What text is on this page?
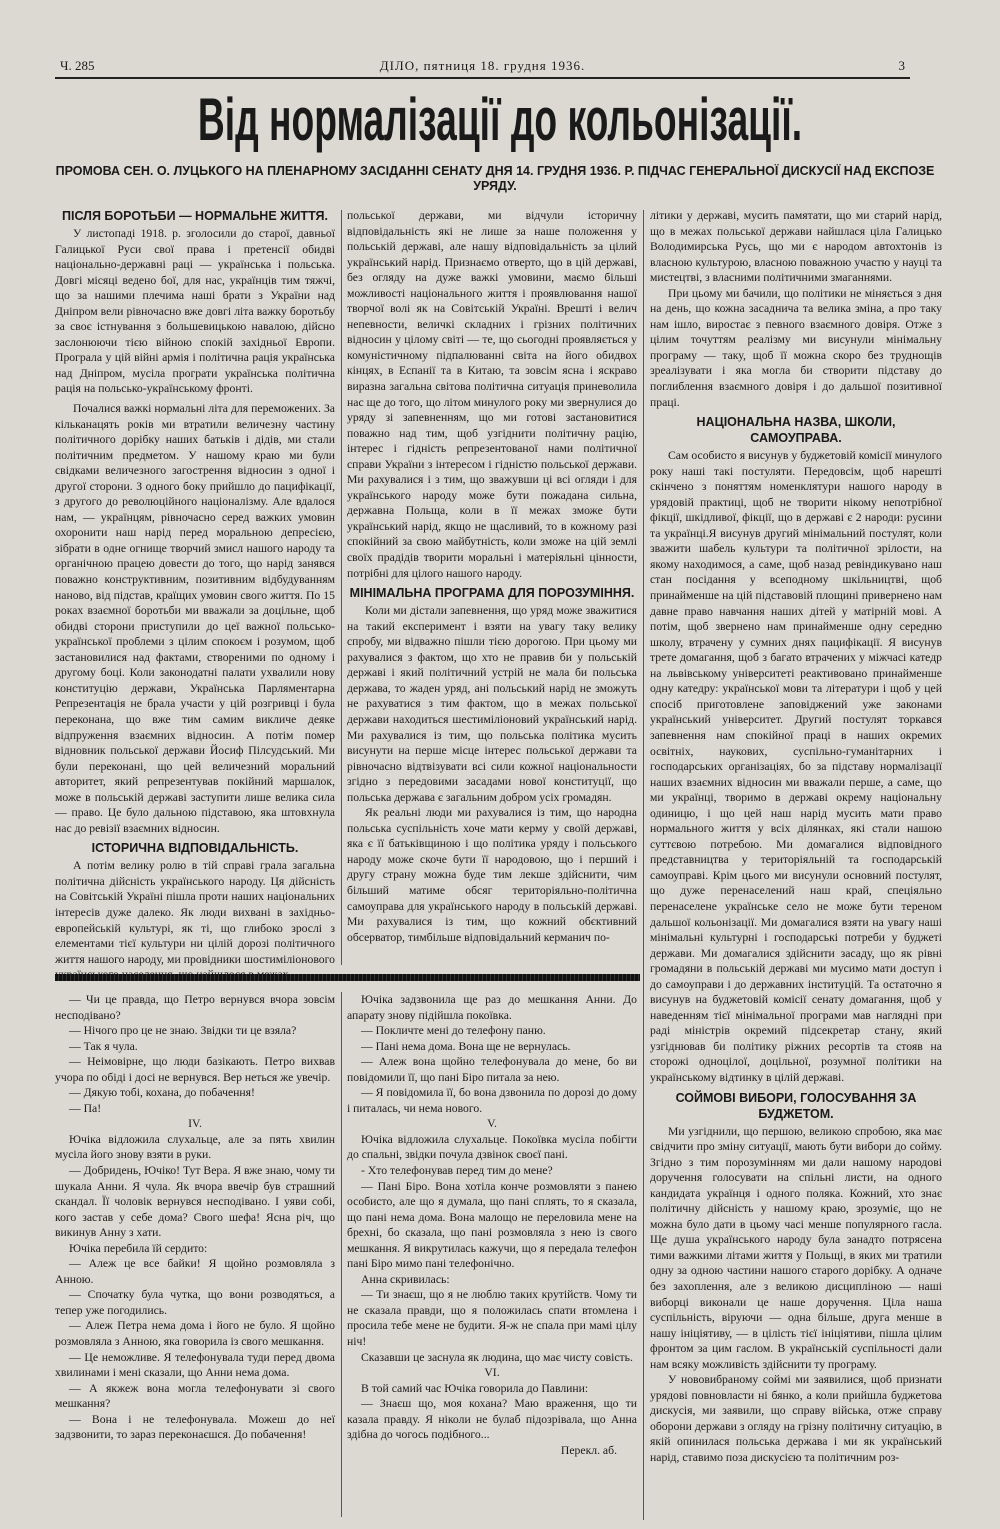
Ч. 285	ДІЛО, пятниця 18. грудня 1936.	3
Від нормалізації до кольонізації.
ПРОМОВА СЕН. О. ЛУЦЬКОГО НА ПЛЕНАРНОМУ ЗАСІДАННІ СЕНАТУ ДНЯ 14. ГРУДНЯ 1936. Р. ПІДЧАС ГЕНЕРАЛЬНОЇ ДИСКУСІЇ НАД ЕКСПОЗЕ УРЯДУ.
ПІСЛЯ БОРОТЬБИ — НОРМАЛЬНЕ ЖИТТЯ.

У листопаді 1918. р. зголосили до старої, давньої Галицької Руси свої права і претенсії обидві національно-державні раці — українська і польська. Довгі місяці ведено бої, для нас, українців тим тяжчі, що за нашими плечима наші брати з України над Дніпром вели рівночасно вже довгі літа важку боротьбу за своє істнування з большевицькою навалою, дійсно заслонюючи тією війною спокій західньої Европи. Програла у цій війні армія і політична рація українська над Дніпром, мусіла програти українська політична рація на польсько-українському фронті.

Почалися важкі нормальні літа для переможених. За кільканацять років ми втратили величезну частину політичного дорібку наших батьків і дідів, ми стали політичним предметом. У нашому краю ми були свідками величезного загострення відносин з одної і другої сторони. З одного боку прийшло до пацифікації, з другого до революційного націоналізму. Але вдалося нам, — українцям, рівночасно серед важких умовин охоронити наш нарід перед моральною депресією, зібрати в одне огнище творчий змисл нашого народу та органічною працею довести до того, що нарід занявся поважно конструктивним, позитивним відбудуванням наново, від підстав, країщих умовин свого життя. По 15 роках взаємної боротьби ми вважали за доцільне, щоб обидві сторони приступили до цеї важної польсько-української проблеми з цілим спокоєм і розумом, щоб застановилися над фактами, створеними по одному і другому боці. Коли законодатні палати ухвалили нову конституцію держави, Українська Парляментарна Репрезентація не брала участи у цій розгривці і була переконана, що вже тим самим викличе деяке відпруження взаємних відносин. А потім помер відновник польської держави Йосиф Пілсудський. Ми були переконані, що цей величезний моральний авторитет, який репрезентував покійний маршалок, може в польській державі заступити лише велика сила — право. Це було дальною підставою, яка штовхнула нас до ревізії взаємних відносин.

ІСТОРИЧНА ВІДПОВІДАЛЬНІСТЬ.

А потім велику ролю в тій справі грала загальна політична дійсність українського народу. Ця дійсність на Совітській Україні пішла проти наших національних інтересів дуже далеко. Як люди вихвані в західньо-европейській культурі, як ті, що глибоко зрослі з елементами тієї культури ни цілій дорозі політичного життя нашого народу, ми провідники шостиміліонового

польської держави, ми відчули історичну відповідальність які не лише за наше положення у польській державі, але нашу відповідальність за цілий український нарід. Признаємо отверто, що в цій державі, без огляду на дуже важкі умовини, маємо більші можливості національного життя і проявлювання нашої творчої волі як на Совітській Україні. Врешті і велич непевности, величкі складних і грізних політичних відносин у цілому світі — те, що сьогодні проявляється у комуністичному підпалюванні світа на його обидвох кінцях, в Еспанії та в Китаю, та зовсім ясна і яскраво виразна загальна світова політична ситуація приневолила нас ще до того, що літом минулого року ми звернулися до уряду зі запевненням, що ми готові застановитися поважно над тим, щоб узгіднити політичну рацію, інтерес і гідність репрезентованої нами політичної справи України з інтересом і гідністю польської держави. Ми рахувалися і з тим, що зважувши ці всі огляди і для українського народу може бути пожадана сильна, державна Польща, коли в її межах зможе бути український нарід, якщо не щасливий, то в кожному разі спокійний за свою майбутність, коли зможе на цій землі своїх прадідів творити моральні і матеріяльні цінности, потрібні для цілого нашого народу.

МІНІМАЛЬНА ПРОГРАМА ДЛЯ ПОРОЗУМІННЯ.

Коли ми дістали запевнення, що уряд може зважитися на такий експеримент і взяти на увагу таку велику спробу, ми відважно пішли тією дорогою. При цьому ми рахувалися з фактом, що хто не правив би у польській державі і який політичний устрій не мала би польська держава, то жаден уряд, ані польський нарід не зможуть не рахуватися з тим фактом, що в межах польської держави находиться шестиміліоновий український нарід. Ми рахувалися із тим, що польська політика мусить висунути на перше місце інтерес польської держави та рівночасно відтвізувати всі сили кожної національности згідно з передовими засадами нової конституції, що польська держава є загальним добром усіх громадян.

Як реальні люди ми рахувалися із тим, що народна польська суспільність хоче мати керму у своїй державі, яка є її батьківщиною і що політика уряду і польського народу може скоче бути її народовою, що і перший і другу страну можна буде тим лекше здійснити, чим більший матиме обсяг територіяльно-політична самоуправа для українського народу в польській державі. Ми рахувалися із тим, що кожний обєктивний обсерватор, тимбільше відповідальний керманич по-

літики у державі, мусить памятати, що ми старий нарід, що в межах польської держави найшлася ціла Галицько Володимирська Русь, що ми є народом автохтонів із власною культурою, власною поважною участю у науці та мистецтві, з власними політичними змаганнями.

При цьому ми бачили, що політики не міняється з дня на день, що кожна засаднича та велика зміна, а про таку нам ішло, виростає з певного взаємного довіря. Отже з цілим точуттям реалізму ми висунули мінімальну програму — таку, щоб її можна скоро без труднощів зреалізувати і яка могла би створити підставу до поглиблення взаємного довіря і до дальшої позитивної праці.

НАЦІОНАЛЬНА НАЗВА, ШКОЛИ, САМОУПРАВА.

Сам особисто я висунув у буджетовій комісії минулого року наші такі постуляти. Передовсім, щоб нарешті скінчено з поняттям номенклятури нашого народу в урядовій практиці, щоб не творити нікому непотрібної фікції, шкідливої, фікції, що в державі є 2 народи: русини та українці.Я висунув другий мінімальний постулят, коли зважити шабель культури та політичної зрілости, на якому находимося, а саме, щоб назад ревіндикувано наш стан посідання у всеподному шкільництві, щоб принайменше на цій підставовій площині привернено нам давне право навчання наших дітей у матірній мові. А потім, щоб звернено нам принайменше одну середню школу, втрачену у сумних днях пацифікації. Я висунув трете домагання, щоб з багато втрачених у міжчасі катедр на львівському університеті реактивовано принайменше одну катедру: української мови та літератури і щоб у цей спосіб приготовлене заповіджений уже законами український університет. Другий постулят торкався запевнення нам спокійної праці в наших окремих освітніх, наукових, суспільно-гуманітарних і господарських організаціях, бо за підставу нормалізації наших взаємних відносин ми вважали перше, а саме, що ми українці, творимо в державі окрему національну одиницю, і що цей наш нарід мусить мати право нормального життя у всіх ділянках, які стали нашою суттєвою потребою. Ми домагалися відповідного представництва у територіяльній та господарській самоуправі. Крім цього ми висунули основний постулят, що дуже перенаселений наш край, спеціяльно перенаселене українське село не може бути тереном дальшої кольонізації. Ми домагалися взяти на увагу наші мінімальні культурні і господарські потреби у буджеті держави. Ми домагалися здійснити засаду, що як рівні громадяни в польській державі ми мусимо мати доступ і до самоуправи і до державних інституцій. Та остаточно я висунув на буджетовій комісії сенату домагання, щоб у наведенням тієї мінімальної програми мав наглядні при раді міністрів окремий підсекретар стану, який узгіднював би політику ріжних ресортів та стояв на сторожі одноцілої, доцільної, розумної політики на українському відтинку в цілій державі.

СОЙМОВІ ВИБОРИ, ГОЛОСУВАННЯ ЗА БУДЖЕТОМ.

Ми узгіднили, що першою, великою спробою, яка має свідчити про зміну ситуації, мають бути вибори до сойму. Згідно з тим порозумінням ми дали нашому народові доручення голосувати на спільні листи, на одного кандидата українця і одного поляка. Кожний, хто знає політичну дійсність у нашому краю, зрозуміє, що не можна було дати в цьому часі менше популярного гасла. Ще душа українського народу була занадто потрясена тими важкими літами життя у Польщі, в яких ми тратили одну за одною частини нашого старого дорібку. А одначе без захоплення, але з великою дисципліною — наші виборці виконали це наше доручення. Ціла наша суспільність, віруючи — одна більше, друга менше в нашу ініціятиву, — в цілість тієї ініціятиви, пішла цілим фронтом за цим гаслом. В українській суспільності дали нам всяку можливість здійснити ту програму.

У нововибраному соймі ми заявилися, щоб признати урядові повновласти ні бянко, а коли прийшла буджетова дискусія, ми заявили, що справу війська, отже справу оборони держави з огляду на грізну політичну ситуацію, в якій опинилася польська держава і ми як український нарід, ставимо поза дискусією та політичним роз-

— Чи це правда, що Петро вернувся вчора зовсім несподівано?

— Нічого про це не знаю. Звідки ти це взяла?

— Так я чула.

— Неімовірне, що люди базікають. Петро вихвав учора по обіді і досі не вернувся. Вер неться же увечір.

— Дякую тобі, кохана, до побачення!

— Па!

IV.

Ючіка відложила слухальце, але за пять хвилин мусіла його знову взяти в руки.

— Добридень, Ючіко! Тут Вера. Я вже знаю, чому ти шукала Анни. Я чула. Як вчора ввечір був страшний скандал. Її чоловік вернувся несподівано. І уяви собі, кого застав у себе дома? Свого шефа! Ясна річ, що викинув Анну з хати.

Ючіка перебила їй сердито:

— Алеж це все байки! Я щойно розмовляла з Анною.

— Спочатку була чутка, що вони розводяться, а тепер уже погодились.

— Алеж Петра нема дома і його не було. Я щойно розмовляла з Анною, яка говорила із свого мешкання.

— Це неможливе. Я телефонувала туди перед двома хвилинами і мені сказали, що Анни нема дома.

— А якжеж вона могла телефонувати зі свого мешкання?

— Вона і не телефонувала. Можеш до неї задзвонити, то зараз переконаєшся. До побачення!

Ючіка задзвонила ще раз до мешкання Анни. До апарату знову підійшла покоївка.

— Покличте мені до телефону паню.

— Пані нема дома. Вона ще не вернулась.

— Алеж вона щойно телефонувала до мене, бо ви повідомили її, що пані Біро питала за нею.

— Я повідомила її, бо вона дзвонила по дорозі до дому і питалась, чи нема нового.

V.

Ючіка відложила слухальце. Покоївка мусіла побігти до спальні, звідки почула дзвінок своєї пані.

- Хто телефонував перед тим до мене?

— Пані Біро. Вона хотіла конче розмовляти з панею особисто, але що я думала, що пані сплять, то я сказала, що пані нема дома. Вона малощо не переловила мене на брехні, бо сказала, що пані розмовляла з нею із свого мешкання. Я викрутилась кажучи, що я передала телефон пані Біро мимо пані телефонічно.

Анна скривилась:

— Ти знаєш, що я не люблю таких крутійств. Чому ти не сказала правди, що я положилась спати втомлена і просила тебе мене не будити. Я-ж не спала при мамі цілу ніч!

Сказавши це заснула як людина, що має чисту совість.

VI.

В той самий час Ючіка говорила до Павлини:

— Знаєш що, моя кохана? Маю враження, що ти казала правду. Я ніколи не булаб підозрівала, що Анна здібна до чогось подібного...

Перекл. аб.
